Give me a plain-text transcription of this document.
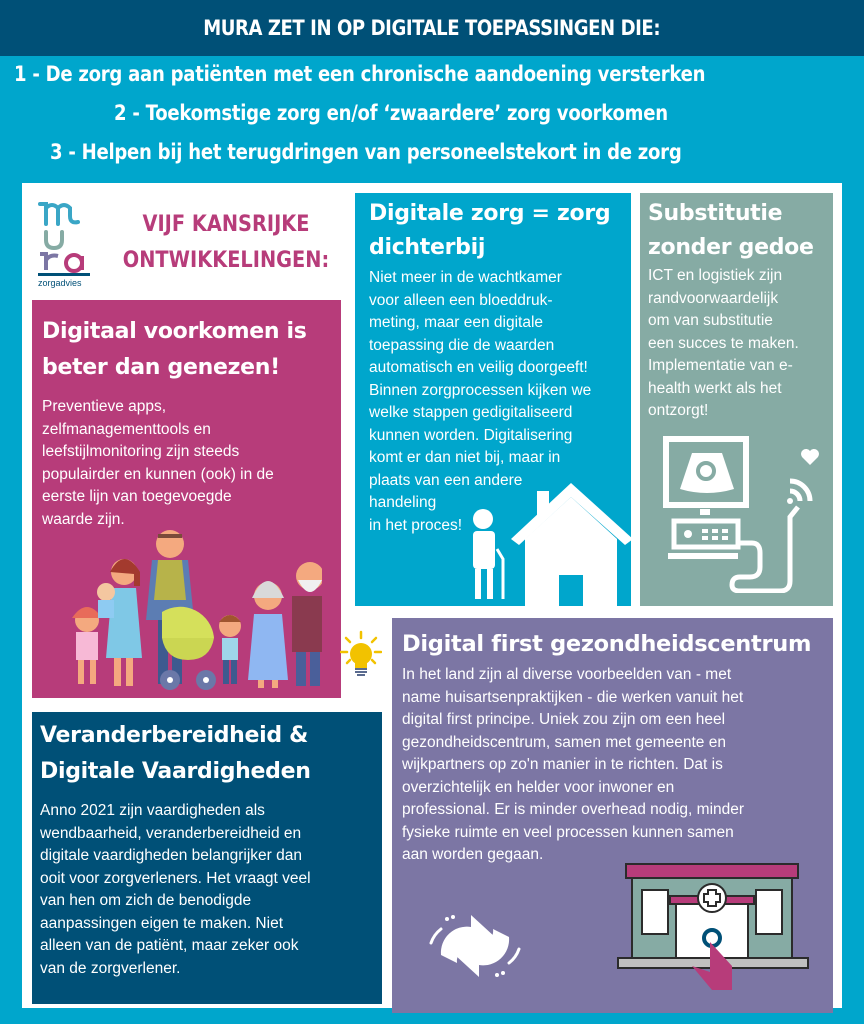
MURA ZET IN OP DIGITALE TOEPASSINGEN DIE:
1 - De zorg aan patiënten met een chronische aandoening versterken
2 - Toekomstige zorg en/of ‘zwaardere’ zorg voorkomen
3 - Helpen bij het terugdringen van personeelstekort in de zorg
zorgadvies
VIJF KANSRIJKE
ONTWIKKELINGEN:
Digitaal voorkomen is beter dan genezen!

Preventieve apps,
zelfmanagementtools en
leefstijlmonitoring zijn steeds
populairder en kunnen (ook) in de
eerste lijn van toegevoegde
waarde zijn.

Digitale zorg = zorg dichterbij

Niet meer in de wachtkamer
voor alleen een bloeddruk-
meting, maar een digitale
toepassing die de waarden
automatisch en veilig doorgeeft!
Binnen zorgprocessen kijken we
welke stappen gedigitaliseerd
kunnen worden. Digitalisering
komt er dan niet bij, maar in
plaats van een andere
handeling
in het proces!

Substitutie zonder gedoe

ICT en logistiek zijn
randvoorwaardelijk
om van substitutie
een succes te maken.
Implementatie van e-
health werkt als het
ontzorgt!

Digital first gezondheidscentrum

In het land zijn al diverse voorbeelden van - met
name huisartsenpraktijken - die werken vanuit het
digital first principe. Uniek zou zijn om een heel
gezondheidscentrum, samen met gemeente en
wijkpartners op zo'n manier in te richten. Dat is
overzichtelijk en helder voor inwoner en
professional. Er is minder overhead nodig, minder
fysieke ruimte en veel processen kunnen samen
aan worden gegaan.

Veranderbereidheid & Digitale Vaardigheden

Anno 2021 zijn vaardigheden als
wendbaarheid, veranderbereidheid en
digitale vaardigheden belangrijker dan
ooit voor zorgverleners. Het vraagt veel
van hen om zich de benodigde
aanpassingen eigen te maken. Niet
alleen van de patiënt, maar zeker ook
van de zorgverlener.
